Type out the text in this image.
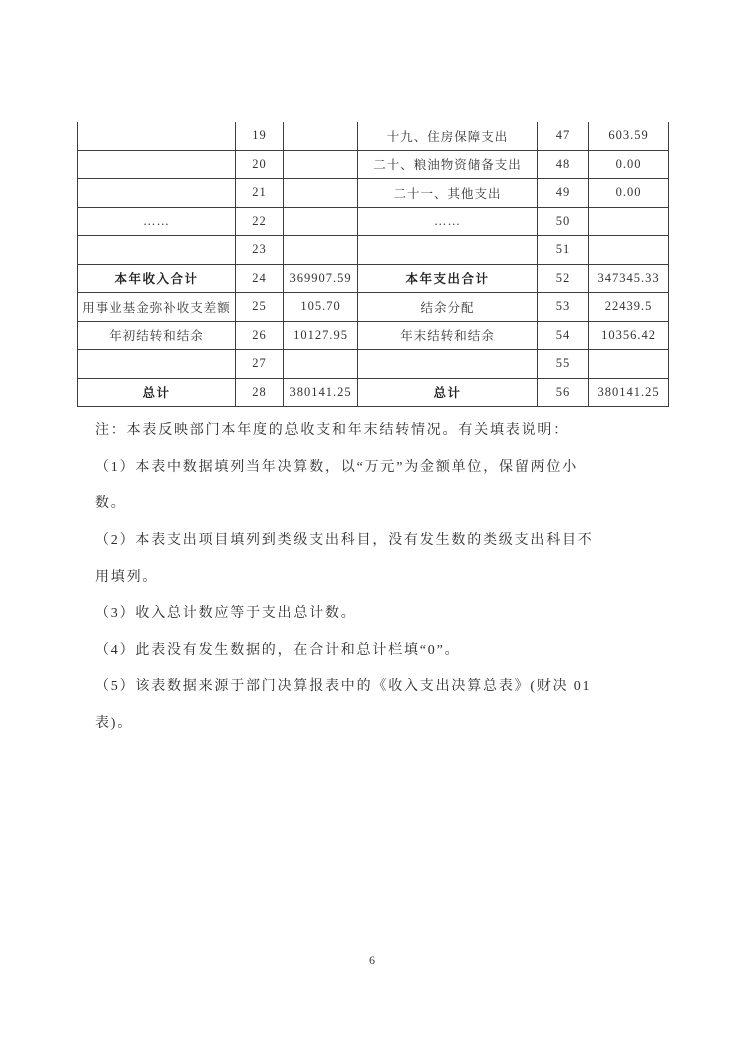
	19		十九、住房保障支出	47	603.59
	20		二十、粮油物资储备支出	48	0.00
	21		二十一、其他支出	49	0.00
……	22		……	50	
	23			51	
本年收入合计	24	369907.59	本年支出合计	52	347345.33
用事业基金弥补收支差额	25	105.70	结余分配	53	22439.5
年初结转和结余	26	10127.95	年末结转和结余	54	10356.42
	27			55	
总计	28	380141.25	总计	56	380141.25
注：本表反映部门本年度的总收支和年末结转情况。有关填表说明：
（1）本表中数据填列当年决算数，以“万元”为金额单位，保留两位小
数。
（2）本表支出项目填列到类级支出科目，没有发生数的类级支出科目不
用填列。
（3）收入总计数应等于支出总计数。
（4）此表没有发生数据的，在合计和总计栏填“0”。
（5）该表数据来源于部门决算报表中的《收入支出决算总表》(财决 01
表)。
6
